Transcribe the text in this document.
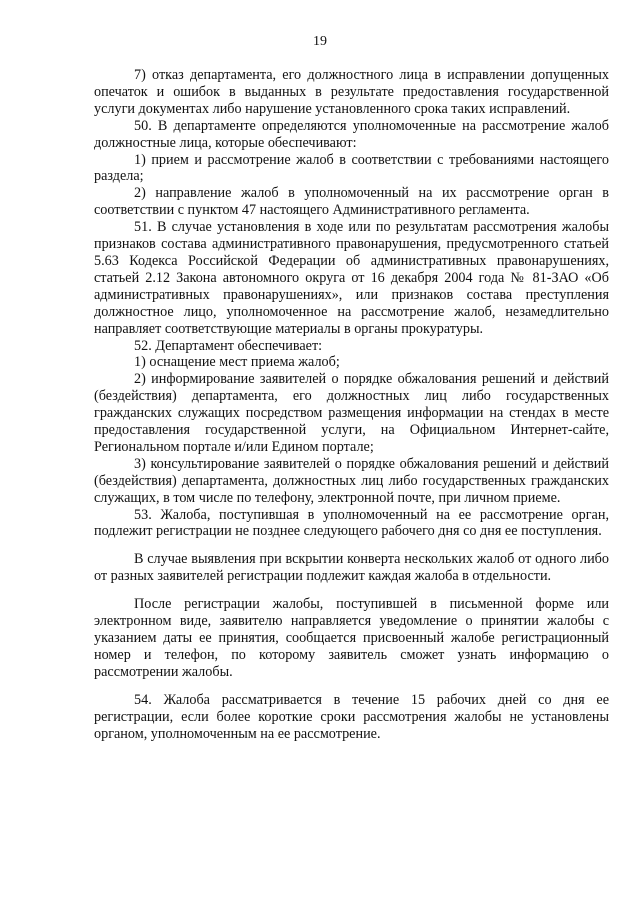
19

7) отказ департамента, его должностного лица в исправлении допущенных опечаток и ошибок в выданных в результате предоставления государственной услуги документах либо нарушение установленного срока таких исправлений.

50. В департаменте определяются уполномоченные на рассмотрение жалоб должностные лица, которые обеспечивают:

1) прием и рассмотрение жалоб в соответствии с требованиями настоящего раздела;

2) направление жалоб в уполномоченный на их рассмотрение орган в соответствии с пунктом 47 настоящего Административного регламента.

51. В случае установления в ходе или по результатам рассмотрения жалобы признаков состава административного правонарушения, предусмотренного статьей 5.63 Кодекса Российской Федерации об административных правонарушениях, статьей 2.12 Закона автономного округа от 16 декабря 2004 года № 81-ЗАО «Об административных правонарушениях», или признаков состава преступления должностное лицо, уполномоченное на рассмотрение жалоб, незамедлительно направляет соответствующие материалы в органы прокуратуры.

52. Департамент обеспечивает:

1) оснащение мест приема жалоб;

2) информирование заявителей о порядке обжалования решений и действий (бездействия) департамента, его должностных лиц либо государственных гражданских служащих посредством размещения информации на стендах в месте предоставления государственной услуги, на Официальном Интернет-сайте, Региональном портале и/или Едином портале;

3) консультирование заявителей о порядке обжалования решений и действий (бездействия) департамента, должностных лиц либо государственных гражданских служащих, в том числе по телефону, электронной почте, при личном приеме.

53. Жалоба, поступившая в уполномоченный на ее рассмотрение орган, подлежит регистрации не позднее следующего рабочего дня со дня ее поступления.

В случае выявления при вскрытии конверта нескольких жалоб от одного либо от разных заявителей регистрации подлежит каждая жалоба в отдельности.

После регистрации жалобы, поступившей в письменной форме или электронном виде, заявителю направляется уведомление о принятии жалобы с указанием даты ее принятия, сообщается присвоенный жалобе регистрационный номер и телефон, по которому заявитель сможет узнать информацию о рассмотрении жалобы.

54. Жалоба рассматривается в течение 15 рабочих дней со дня ее регистрации, если более короткие сроки рассмотрения жалобы не установлены органом, уполномоченным на ее рассмотрение.
